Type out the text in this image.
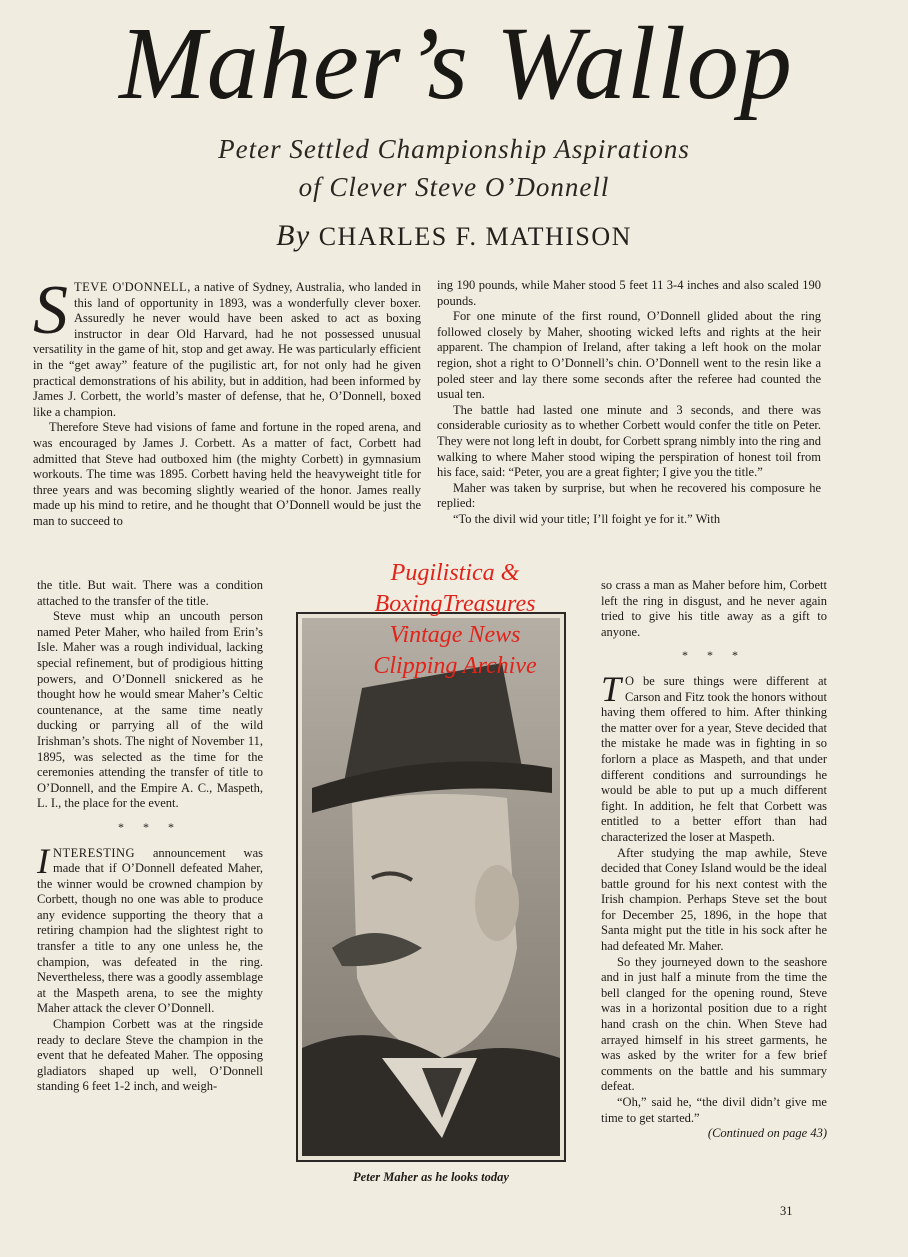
Maher’s Wallop
Peter Settled Championship Aspirations
of Clever Steve O’Donnell
By CHARLES F. MATHISON
S TEVE O'DONNELL, a native of Sydney, Australia, who landed in this land of opportunity in 1893, was a wonderfully clever boxer. Assuredly he never would have been asked to act as boxing instructor in dear Old Harvard, had he not possessed unusual versatility in the game of hit, stop and get away. He was particularly efficient in the “get away” feature of the pugilistic art, for not only had he given practical demonstrations of his ability, but in addition, had been informed by James J. Corbett, the world’s master of defense, that he, O’Donnell, boxed like a champion.

Therefore Steve had visions of fame and fortune in the roped arena, and was encouraged by James J. Corbett. As a matter of fact, Corbett had admitted that Steve had outboxed him (the mighty Corbett) in gymnasium workouts. The time was 1895. Corbett having held the heavyweight title for three years and was becoming slightly wearied of the honor. James really made up his mind to retire, and he thought that O’Donnell would be just the man to succeed to

the title. But wait. There was a condition attached to the transfer of the title.

Steve must whip an uncouth person named Peter Maher, who hailed from Erin’s Isle. Maher was a rough individual, lacking special refinement, but of prodigious hitting powers, and O’Donnell snickered as he thought how he would smear Maher’s Celtic countenance, at the same time neatly ducking or parrying all of the wild Irishman’s shots. The night of November 11, 1895, was selected as the time for the ceremonies attending the transfer of title to O’Donnell, and the Empire A. C., Maspeth, L. I., the place for the event.

* * *
I NTERESTING announcement was made that if O’Donnell defeated Maher, the winner would be crowned champion by Corbett, though no one was able to produce any evidence supporting the theory that a retiring champion had the slightest right to transfer a title to any one unless he, the champion, was defeated in the ring. Nevertheless, there was a goodly assemblage at the Maspeth arena, to see the mighty Maher attack the clever O’Donnell.

Champion Corbett was at the ringside ready to declare Steve the champion in the event that he defeated Maher. The opposing gladiators shaped up well, O’Donnell standing 6 feet 1-2 inch, and weigh-

ing 190 pounds, while Maher stood 5 feet 11 3-4 inches and also scaled 190 pounds.

For one minute of the first round, O’Donnell glided about the ring followed closely by Maher, shooting wicked lefts and rights at the heir apparent. The champion of Ireland, after taking a left hook on the molar region, shot a right to O’Donnell’s chin. O’Donnell went to the resin like a poled steer and lay there some seconds after the referee had counted the usual ten.

The battle had lasted one minute and 3 seconds, and there was considerable curiosity as to whether Corbett would confer the title on Peter. They were not long left in doubt, for Corbett sprang nimbly into the ring and walking to where Maher stood wiping the perspiration of honest toil from his face, said: “Peter, you are a great fighter; I give you the title.”

Maher was taken by surprise, but when he recovered his composure he replied:

“To the divil wid your title; I’ll foight ye for it.” With

so crass a man as Maher before him, Corbett left the ring in disgust, and he never again tried to give his title away as a gift to anyone.

* * *
T O be sure things were different at Carson and Fitz took the honors without having them offered to him. After thinking the matter over for a year, Steve decided that the mistake he made was in fighting in so forlorn a place as Maspeth, and that under different conditions and surroundings he would be able to put up a much different fight. In addition, he felt that Corbett was entitled to a better effort than had characterized the loser at Maspeth.

After studying the map awhile, Steve decided that Coney Island would be the ideal battle ground for his next contest with the Irish champion. Perhaps Steve set the bout for December 25, 1896, in the hope that Santa might put the title in his sock after he had defeated Mr. Maher.

So they journeyed down to the seashore and in just half a minute from the time the bell clanged for the opening round, Steve was in a horizontal position due to a right hand crash on the chin. When Steve had arrayed himself in his street garments, he was asked by the writer for a few brief comments on the battle and his summary defeat.

“Oh,” said he, “the divil didn’t give me time to get started.”

(Continued on page 43)

Peter Maher as he looks today
Pugilistica &
BoxingTreasures
Vintage News
Clipping Archive
31
